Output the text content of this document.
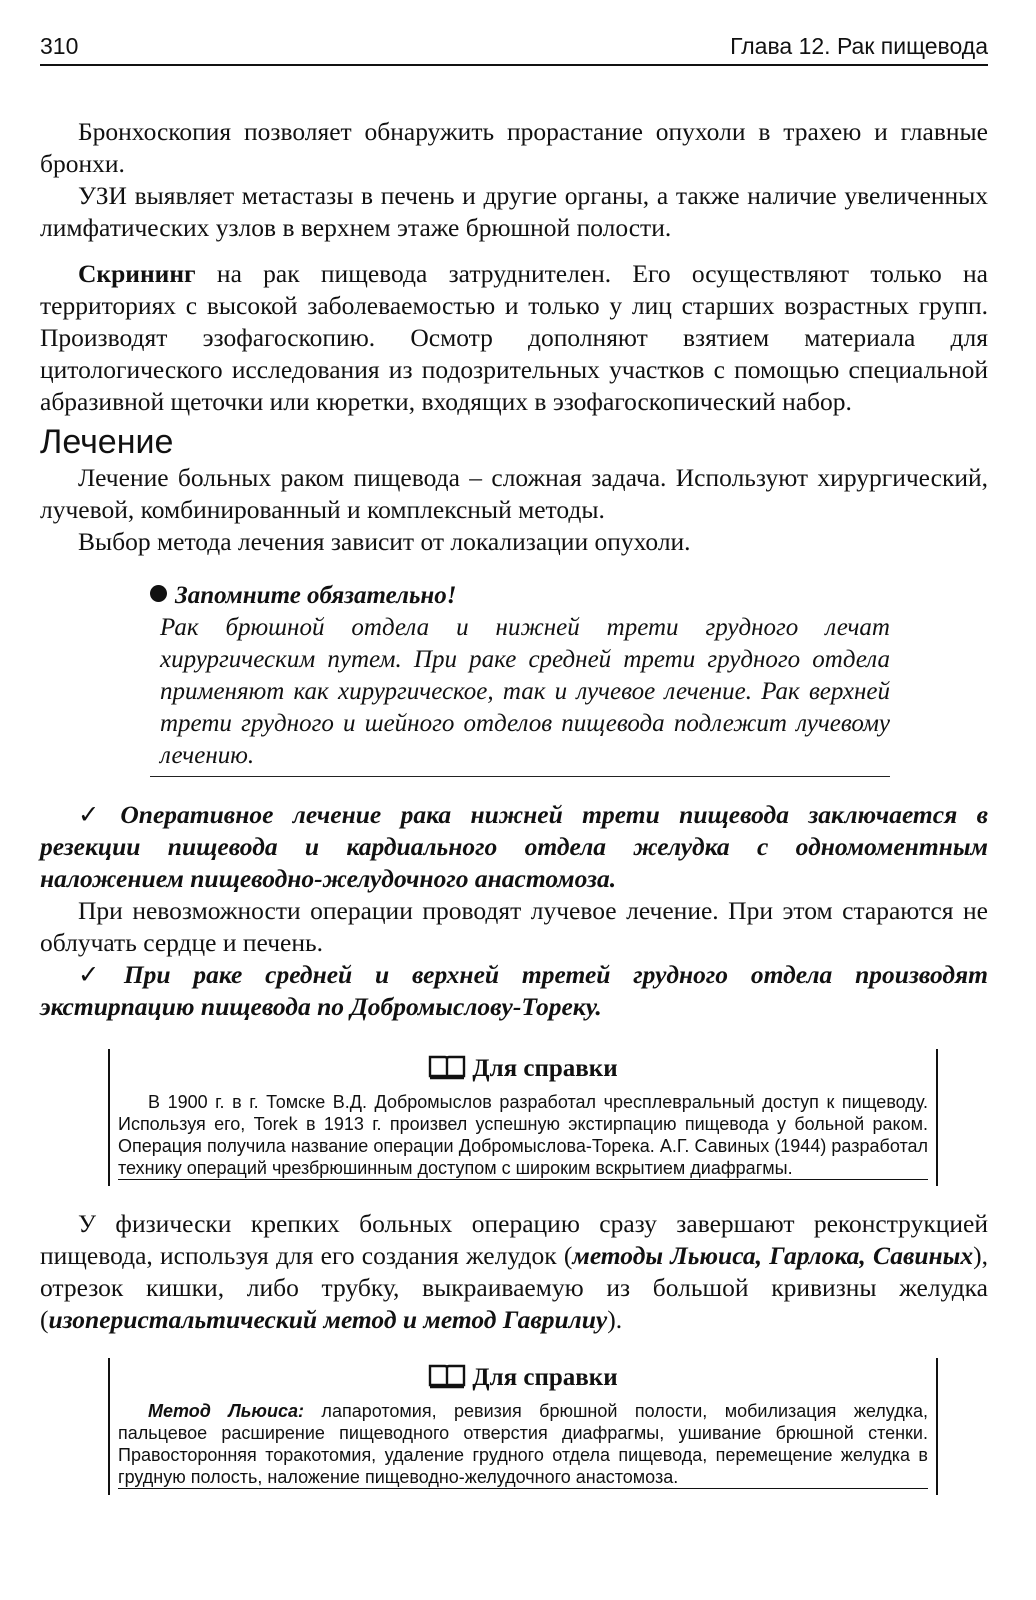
310	Глава 12. Рак пищевода

Бронхоскопия позволяет обнаружить прорастание опухоли в трахею и главные бронхи.

УЗИ выявляет метастазы в печень и другие органы, а также наличие увеличенных лимфатических узлов в верхнем этаже брюшной полости.

Скрининг на рак пищевода затруднителен. Его осуществляют только на территориях с высокой заболеваемостью и только у лиц старших возрастных групп. Производят эзофагоскопию. Осмотр дополняют взятием материала для цитологического исследования из подозрительных участков с помощью специальной абразивной щеточки или кюретки, входящих в эзофагоскопический набор.

Лечение

Лечение больных раком пищевода – сложная задача. Используют хирургический, лучевой, комбинированный и комплексный методы.

Выбор метода лечения зависит от локализации опухоли.

Запомните обязательно!

Рак брюшной отдела и нижней трети грудного лечат хирургическим путем. При раке средней трети грудного отдела применяют как хирургическое, так и лучевое лечение. Рак верхней трети грудного и шейного отделов пищевода подлежит лучевому лечению.

✓ Оперативное лечение рака нижней трети пищевода заключается в резекции пищевода и кардиального отдела желудка с одномоментным наложением пищеводно-желудочного анастомоза.

При невозможности операции проводят лучевое лечение. При этом стараются не облучать сердце и печень.

✓ При раке средней и верхней третей грудного отдела производят экстирпацию пищевода по Добромыслову-Тореку.

Для справки

В 1900 г. в г. Томске В.Д. Добромыслов разработал чресплевральный доступ к пищеводу. Используя его, Torek в 1913 г. произвел успешную экстирпацию пищевода у больной раком. Операция получила название операции Добромыслова-Торека. А.Г. Савиных (1944) разработал технику операций чрезбрюшинным доступом с широким вскрытием диафрагмы.

У физически крепких больных операцию сразу завершают реконструкцией пищевода, используя для его создания желудок (методы Льюиса, Гарлока, Савиных), отрезок кишки, либо трубку, выкраиваемую из большой кривизны желудка (изоперистальтический метод и метод Гаврилиу).

Для справки

Метод Льюиса: лапаротомия, ревизия брюшной полости, мобилизация желудка, пальцевое расширение пищеводного отверстия диафрагмы, ушивание брюшной стенки. Правосторонняя торакотомия, удаление грудного отдела пищевода, перемещение желудка в грудную полость, наложение пищеводно-желудочного анастомоза.
